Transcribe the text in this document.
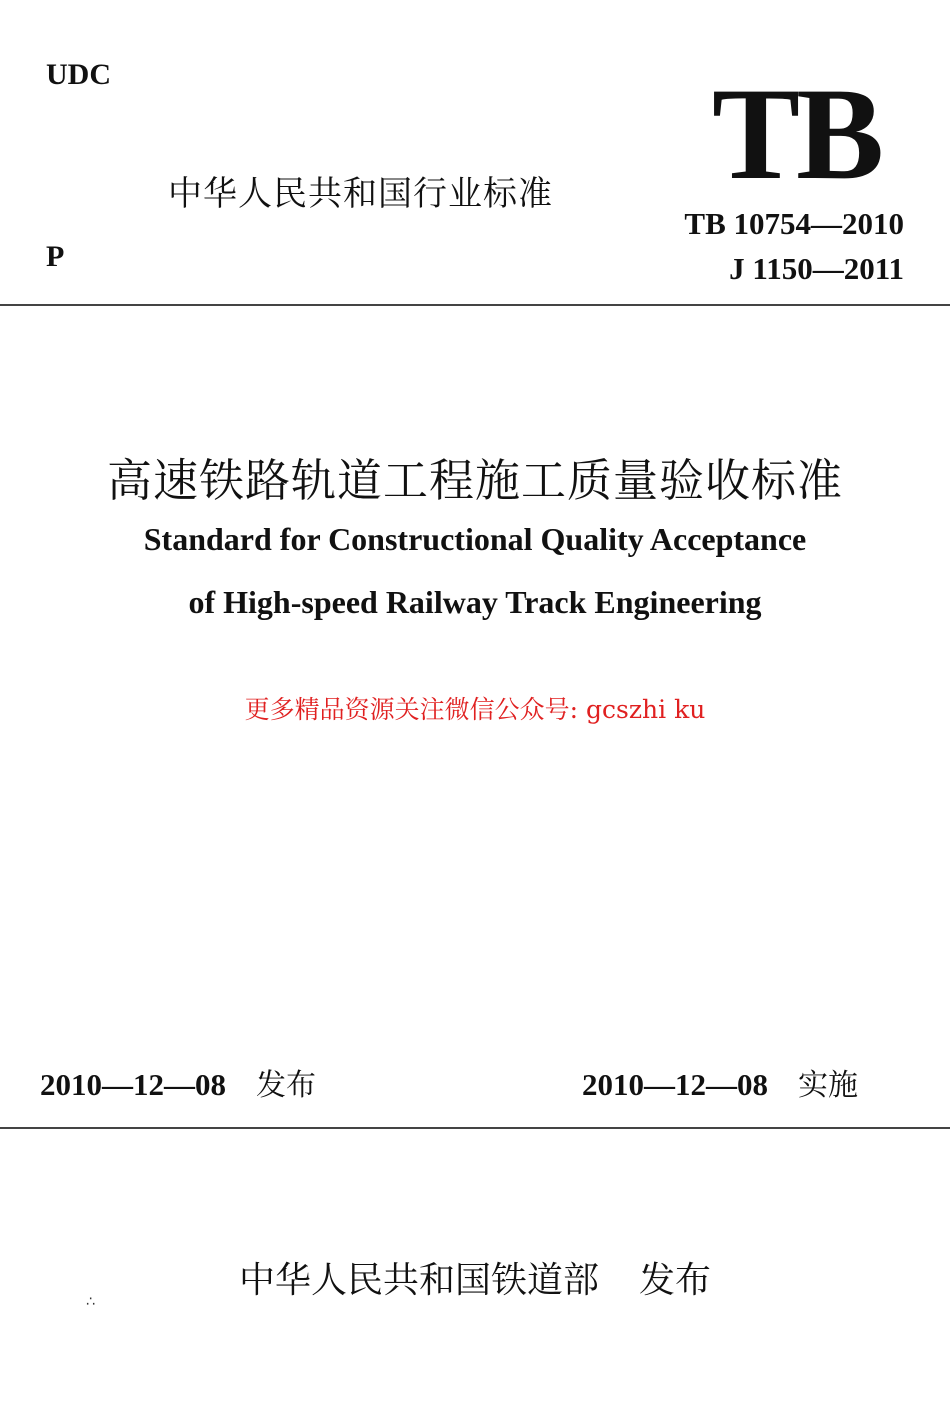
UDC
P
中华人民共和国行业标准 TB
TB 10754—2010
J 1150—2011
高速铁路轨道工程施工质量验收标准
Standard for Constructional Quality Acceptance
of High-speed Railway Track Engineering
更多精品资源关注微信公众号: gcszhi ku
2010—12—08 发布	2010—12—08 实施
中华人民共和国铁道部 发布
∴
